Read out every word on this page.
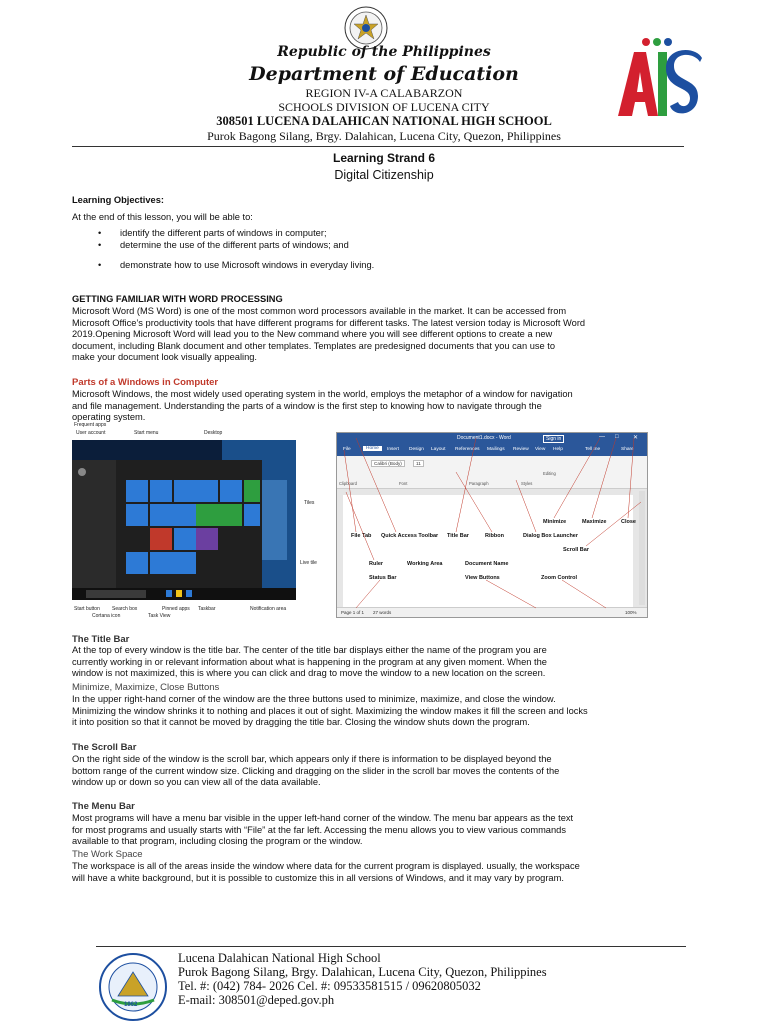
Republic of the Philippines
Department of Education
REGION IV-A CALABARZON
SCHOOLS DIVISION OF LUCENA CITY
308501 LUCENA DALAHICAN NATIONAL HIGH SCHOOL
Purok Bagong Silang, Brgy. Dalahican, Lucena City, Quezon, Philippines
Learning Strand 6
Digital Citizenship
Learning Objectives:
At the end of this lesson, you will be able to:
• identify the different parts of windows in computer;
• determine the use of the different parts of windows; and
• demonstrate how to use Microsoft windows in everyday living.
GETTING FAMILIAR WITH WORD PROCESSING
Microsoft Word (MS Word) is one of the most common word processors available in the market. It can be accessed from
Microsoft Office’s productivity tools that have different programs for different tasks. The latest version today is Microsoft Word
2019.Opening Microsoft Word will lead you to the New command where you will see different options to create a new
document, including Blank document and other templates. Templates are predesigned documents that you can use to
make your document look visually appealing.
Parts of a Windows in Computer
Microsoft Windows, the most widely used operating system in the world, employs the metaphor of a window for navigation
and file management. Understanding the parts of a window is the first step to knowing how to navigate through the
operating system.
Frequent apps
User account	Start menu	Desktop
Tiles
Live tile
Start button Search box
Cortana icon
Pinned apps
Task View
Taskbar	Notification area
Document1.docx - Word	Sign in	— □ ✕
File	Home	Insert Design Layout References Mailings Review View Help	Tell me	Share
Calibri (Body)	11
Clipboard	Font	Paragraph	Styles
Editing
Page 1 of 1 27 words	100%
Minimize	Maximize	Close
File Tab Quick Access Toolbar Title Bar	Ribbon	Dialog Box Launcher
Scroll Bar
Ruler	Working Area	Document Name
Status Bar	View Buttons	Zoom Control
The Title Bar
At the top of every window is the title bar. The center of the title bar displays either the name of the program you are
currently working in or relevant information about what is happening in the program at any given moment. When the
window is not maximized, this is where you can click and drag to move the window to a new location on the screen.
Minimize, Maximize, Close Buttons
In the upper right-hand corner of the window are the three buttons used to minimize, maximize, and close the window.
Minimizing the window shrinks it to nothing and places it out of sight. Maximizing the window makes it fill the screen and locks
it into position so that it cannot be moved by dragging the title bar. Closing the window shuts down the program.
The Scroll Bar
On the right side of the window is the scroll bar, which appears only if there is information to be displayed beyond the
bottom range of the current window size. Clicking and dragging on the slider in the scroll bar moves the contents of the
window up or down so you can view all of the data available.
The Menu Bar
Most programs will have a menu bar visible in the upper left-hand corner of the window. The menu bar appears as the text
for most programs and usually starts with “File” at the far left. Accessing the menu allows you to view various commands
available to that program, including closing the program or the window.
The Work Space
The workspace is all of the areas inside the window where data for the current program is displayed. usually, the workspace
will have a white background, but it is possible to customize this in all versions of Windows, and it may vary by program.
1962
Lucena Dalahican National High School
Purok Bagong Silang, Brgy. Dalahican, Lucena City, Quezon, Philippines
Tel. #: (042) 784- 2026 Cel. #: 09533581515 / 09620805032
E-mail: 308501@deped.gov.ph
